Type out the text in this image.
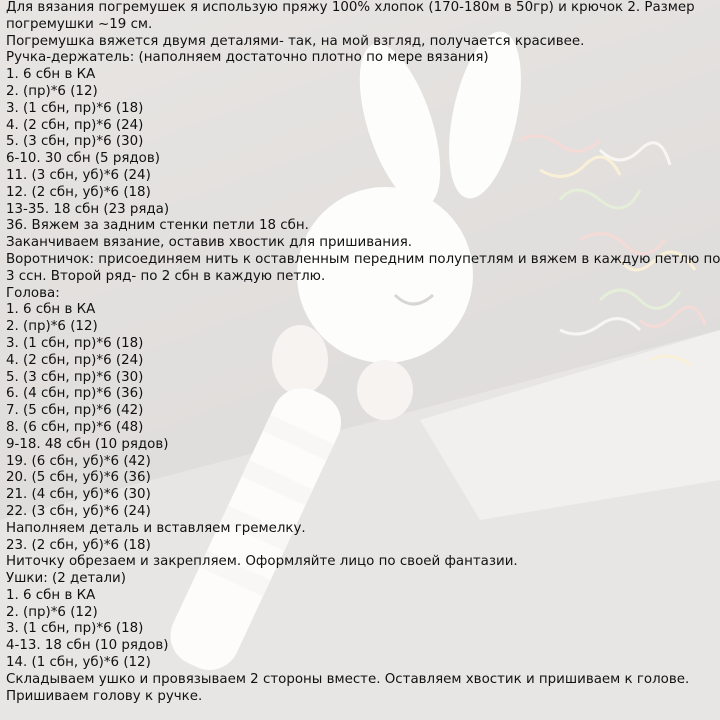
Для вязания погремушек я использую пряжу 100% хлопок (170-180м в 50гр) и крючок 2. Размер
погремушки ~19 см.
Погремушка вяжется двумя деталями- так, на мой взгляд, получается красивее.
Ручка-держатель: (наполняем достаточно плотно по мере вязания)
1. 6 сбн в КА
2. (пр)*6 (12)
3. (1 сбн, пр)*6 (18)
4. (2 сбн, пр)*6 (24)
5. (3 сбн, пр)*6 (30)
6-10. 30 сбн (5 рядов)
11. (3 сбн, уб)*6 (24)
12. (2 сбн, уб)*6 (18)
13-35. 18 сбн (23 ряда)
36. Вяжем за задним стенки петли 18 сбн.
Заканчиваем вязание, оставив хвостик для пришивания.
Воротничок: присоединяем нить к оставленным передним полупетлям и вяжем в каждую петлю по
3 ссн. Второй ряд- по 2 сбн в каждую петлю.
Голова:
1. 6 сбн в КА
2. (пр)*6 (12)
3. (1 сбн, пр)*6 (18)
4. (2 сбн, пр)*6 (24)
5. (3 сбн, пр)*6 (30)
6. (4 сбн, пр)*6 (36)
7. (5 сбн, пр)*6 (42)
8. (6 сбн, пр)*6 (48)
9-18. 48 сбн (10 рядов)
19. (6 сбн, уб)*6 (42)
20. (5 сбн, уб)*6 (36)
21. (4 сбн, уб)*6 (30)
22. (3 сбн, уб)*6 (24)
Наполняем деталь и вставляем гремелку.
23. (2 сбн, уб)*6 (18)
Ниточку обрезаем и закрепляем. Оформляйте лицо по своей фантазии.
Ушки: (2 детали)
1. 6 сбн в КА
2. (пр)*6 (12)
3. (1 сбн, пр)*6 (18)
4-13. 18 сбн (10 рядов)
14. (1 сбн, уб)*6 (12)
Складываем ушко и провязываем 2 стороны вместе. Оставляем хвостик и пришиваем к голове.
Пришиваем голову к ручке.
